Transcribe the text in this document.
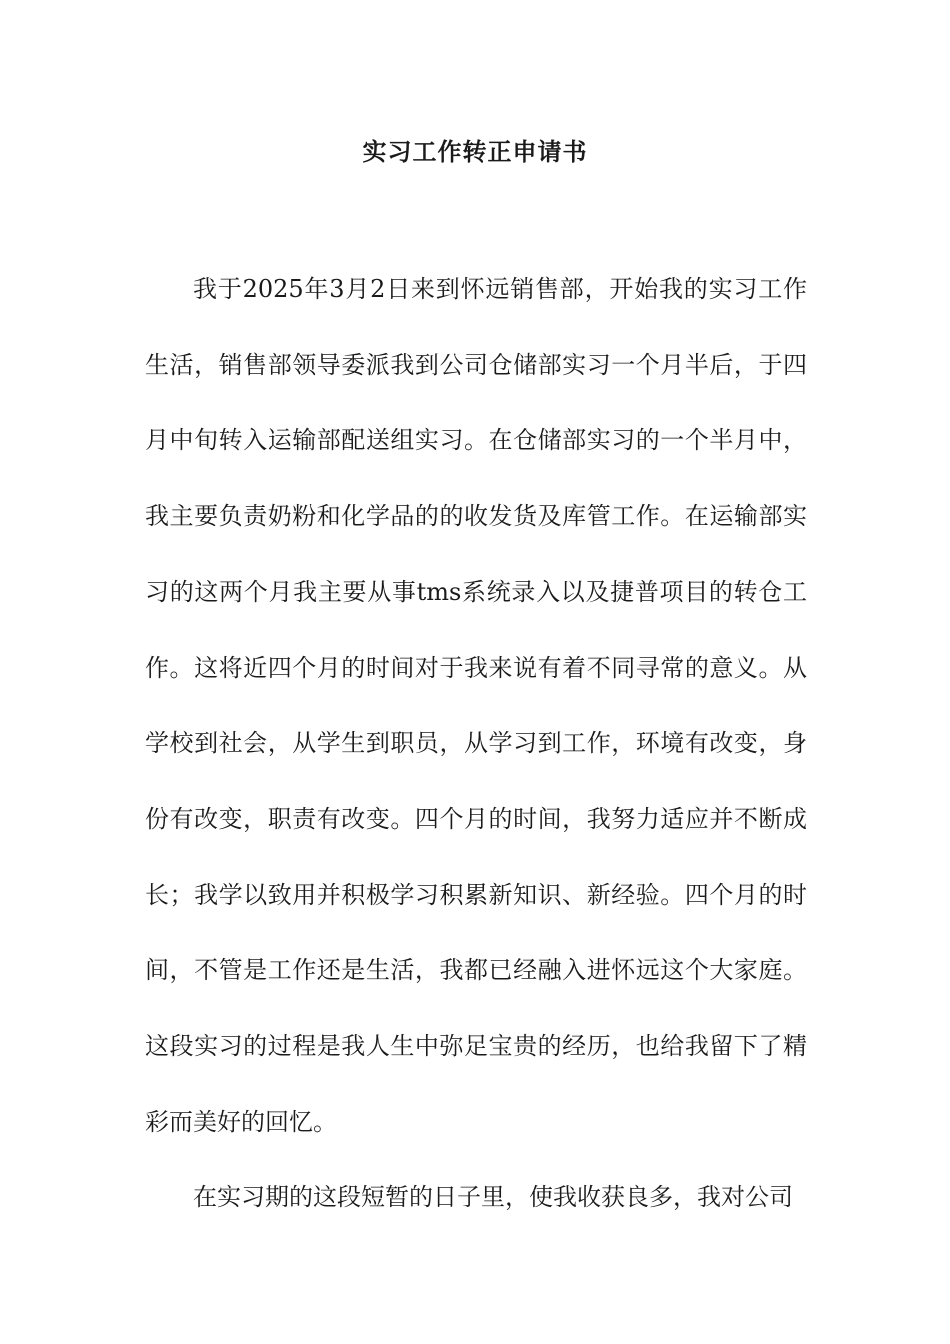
实习工作转正申请书

我于2025年3月2日来到怀远销售部，开始我的实习工作生活，销售部领导委派我到公司仓储部实习一个月半后，于四月中旬转入运输部配送组实习。在仓储部实习的一个半月中，我主要负责奶粉和化学品的的收发货及库管工作。在运输部实习的这两个月我主要从事tms系统录入以及捷普项目的转仓工作。这将近四个月的时间对于我来说有着不同寻常的意义。从学校到社会，从学生到职员，从学习到工作，环境有改变，身份有改变，职责有改变。四个月的时间，我努力适应并不断成长；我学以致用并积极学习积累新知识、新经验。四个月的时间，不管是工作还是生活，我都已经融入进怀远这个大家庭。这段实习的过程是我人生中弥足宝贵的经历，也给我留下了精彩而美好的回忆。

在实习期的这段短暂的日子里，使我收获良多，我对公司
